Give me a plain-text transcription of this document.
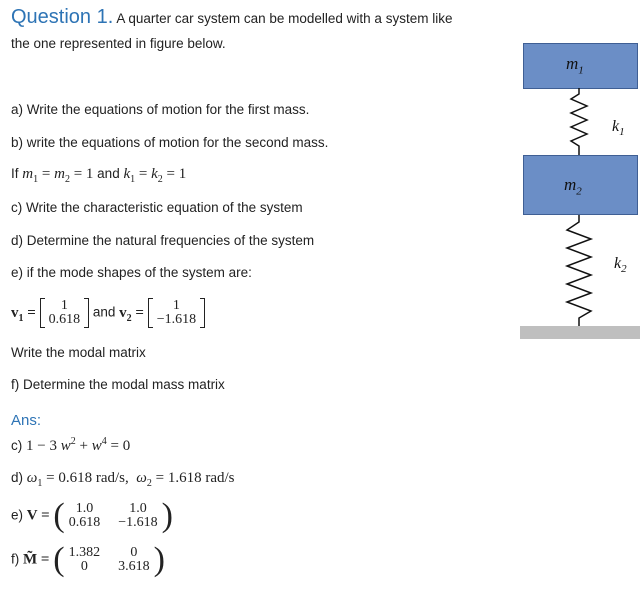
Question 1. A quarter car system can be modelled with a system like
the one represented in figure below.
a) Write the equations of motion for the first mass.
b) write the equations of motion for the second mass.
If $m_1 = m_2 = 1$ and $k_1 = k_2 = 1$
c) Write the characteristic equation of the system
d) Determine the natural frequencies of the system
e) if the mode shapes of the system are:
$v_1 = 1$
0.618 and $v_2 = 1$
−1.618
Write the modal matrix
f) Determine the modal mass matrix
Ans:
c) 1 − 3 $w^2 + w^4 = 0$
d) $\omega_1 = 0.618$ rad/s, $\omega_2 = 1.618$ rad/s
e) V = ( 1.0	1.0
0.618	−1.618 )
f) M̃ = ( 1.382	0
0	3.618 )
$m_1$
$m_2$
$k_1$
$k_2$
